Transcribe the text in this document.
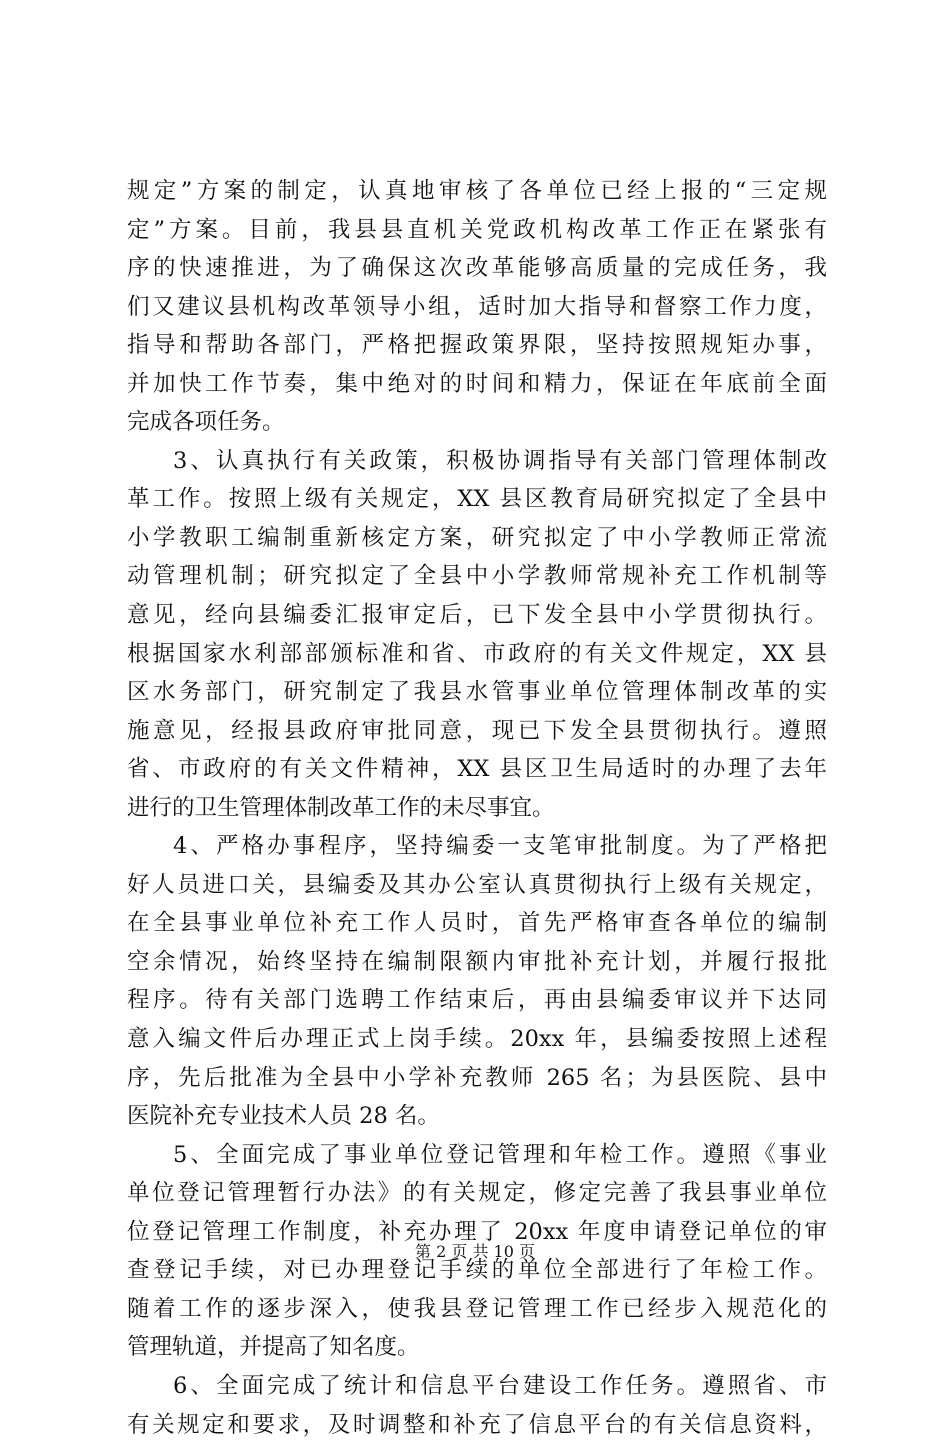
规定”方案的制定，认真地审核了各单位已经上报的“三定规
定”方案。目前，我县县直机关党政机构改革工作正在紧张有
序的快速推进，为了确保这次改革能够高质量的完成任务，我
们又建议县机构改革领导小组，适时加大指导和督察工作力度，
指导和帮助各部门，严格把握政策界限，坚持按照规矩办事，
并加快工作节奏，集中绝对的时间和精力，保证在年底前全面
完成各项任务。
3、认真执行有关政策，积极协调指导有关部门管理体制改
革工作。按照上级有关规定，XX 县区教育局研究拟定了全县中
小学教职工编制重新核定方案，研究拟定了中小学教师正常流
动管理机制；研究拟定了全县中小学教师常规补充工作机制等
意见，经向县编委汇报审定后，已下发全县中小学贯彻执行。
根据国家水利部部颁标准和省、市政府的有关文件规定，XX 县
区水务部门，研究制定了我县水管事业单位管理体制改革的实
施意见，经报县政府审批同意，现已下发全县贯彻执行。遵照
省、市政府的有关文件精神，XX 县区卫生局适时的办理了去年
进行的卫生管理体制改革工作的未尽事宜。
4、严格办事程序，坚持编委一支笔审批制度。为了严格把
好人员进口关，县编委及其办公室认真贯彻执行上级有关规定，
在全县事业单位补充工作人员时，首先严格审查各单位的编制
空余情况，始终坚持在编制限额内审批补充计划，并履行报批
程序。待有关部门选聘工作结束后，再由县编委审议并下达同
意入编文件后办理正式上岗手续。20xx 年，县编委按照上述程
序，先后批准为全县中小学补充教师 265 名；为县医院、县中
医院补充专业技术人员 28 名。
5、全面完成了事业单位登记管理和年检工作。遵照《事业
单位登记管理暂行办法》的有关规定，修定完善了我县事业单位
位登记管理工作制度，补充办理了 20xx 年度申请登记单位的审
查登记手续，对已办理登记手续的单位全部进行了年检工作。
随着工作的逐步深入，使我县登记管理工作已经步入规范化的
管理轨道，并提高了知名度。
6、全面完成了统计和信息平台建设工作任务。遵照省、市
有关规定和要求，及时调整和补充了信息平台的有关信息资料，
第 2 页 共 10 页
